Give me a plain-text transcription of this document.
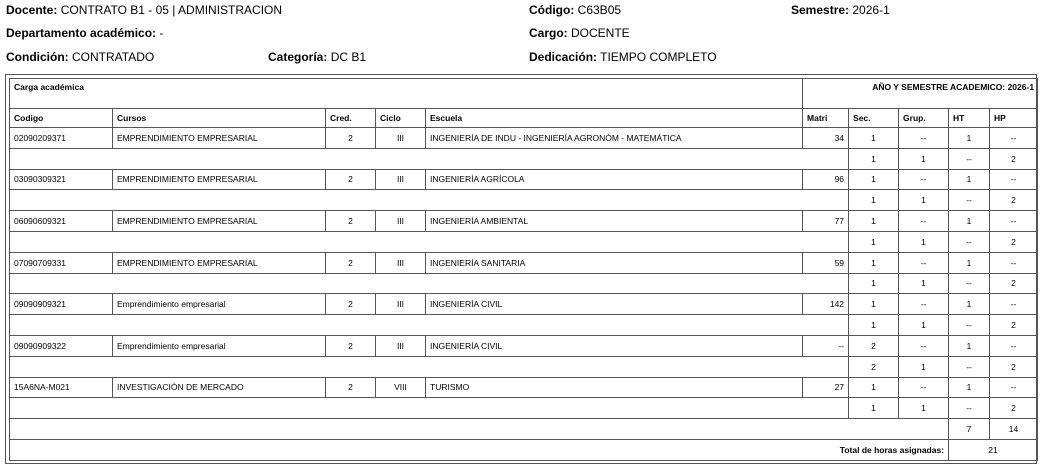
Docente: CONTRATO B1 - 05 | ADMINISTRACION	Código: C63B05	Semestre: 2026-1
Departamento académico: -	Cargo: DOCENTE
Condición: CONTRATADO	Categoría: DC B1	Dedicación: TIEMPO COMPLETO
Carga académica					AÑO Y SEMESTRE ACADEMICO: 2026-1				
Codigo	Cursos	Cred.	Ciclo	Escuela	Matri	Sec.	Grup.	HT	HP
02090209371	EMPRENDIMIENTO EMPRESARIAL	2	III	INGENIERÍA DE INDU - INGENIERÍA AGRONÓM - MATEMÁTICA	34	1	--	1	--
						1	1	--	2
03090309321	EMPRENDIMIENTO EMPRESARIAL	2	III	INGENIERÍA AGRÍCOLA	96	1	--	1	--
						1	1	--	2
06090609321	EMPRENDIMIENTO EMPRESARIAL	2	III	INGENIERÍA AMBIENTAL	77	1	--	1	--
						1	1	--	2
07090709331	EMPRENDIMIENTO EMPRESARIAL	2	III	INGENIERÍA SANITARIA	59	1	--	1	--
						1	1	--	2
09090909321	Emprendimiento empresarial	2	III	INGENIERÍA CIVIL	142	1	--	1	--
						1	1	--	2
09090909322	Emprendimiento empresarial	2	III	INGENIERÍA CIVIL	--	2	--	1	--
						2	1	--	2
15A6NA-M021	INVESTIGACIÓN DE MERCADO	2	VIII	TURISMO	27	1	--	1	--
						1	1	--	2
								7	14
Total de horas asignadas:								21	
